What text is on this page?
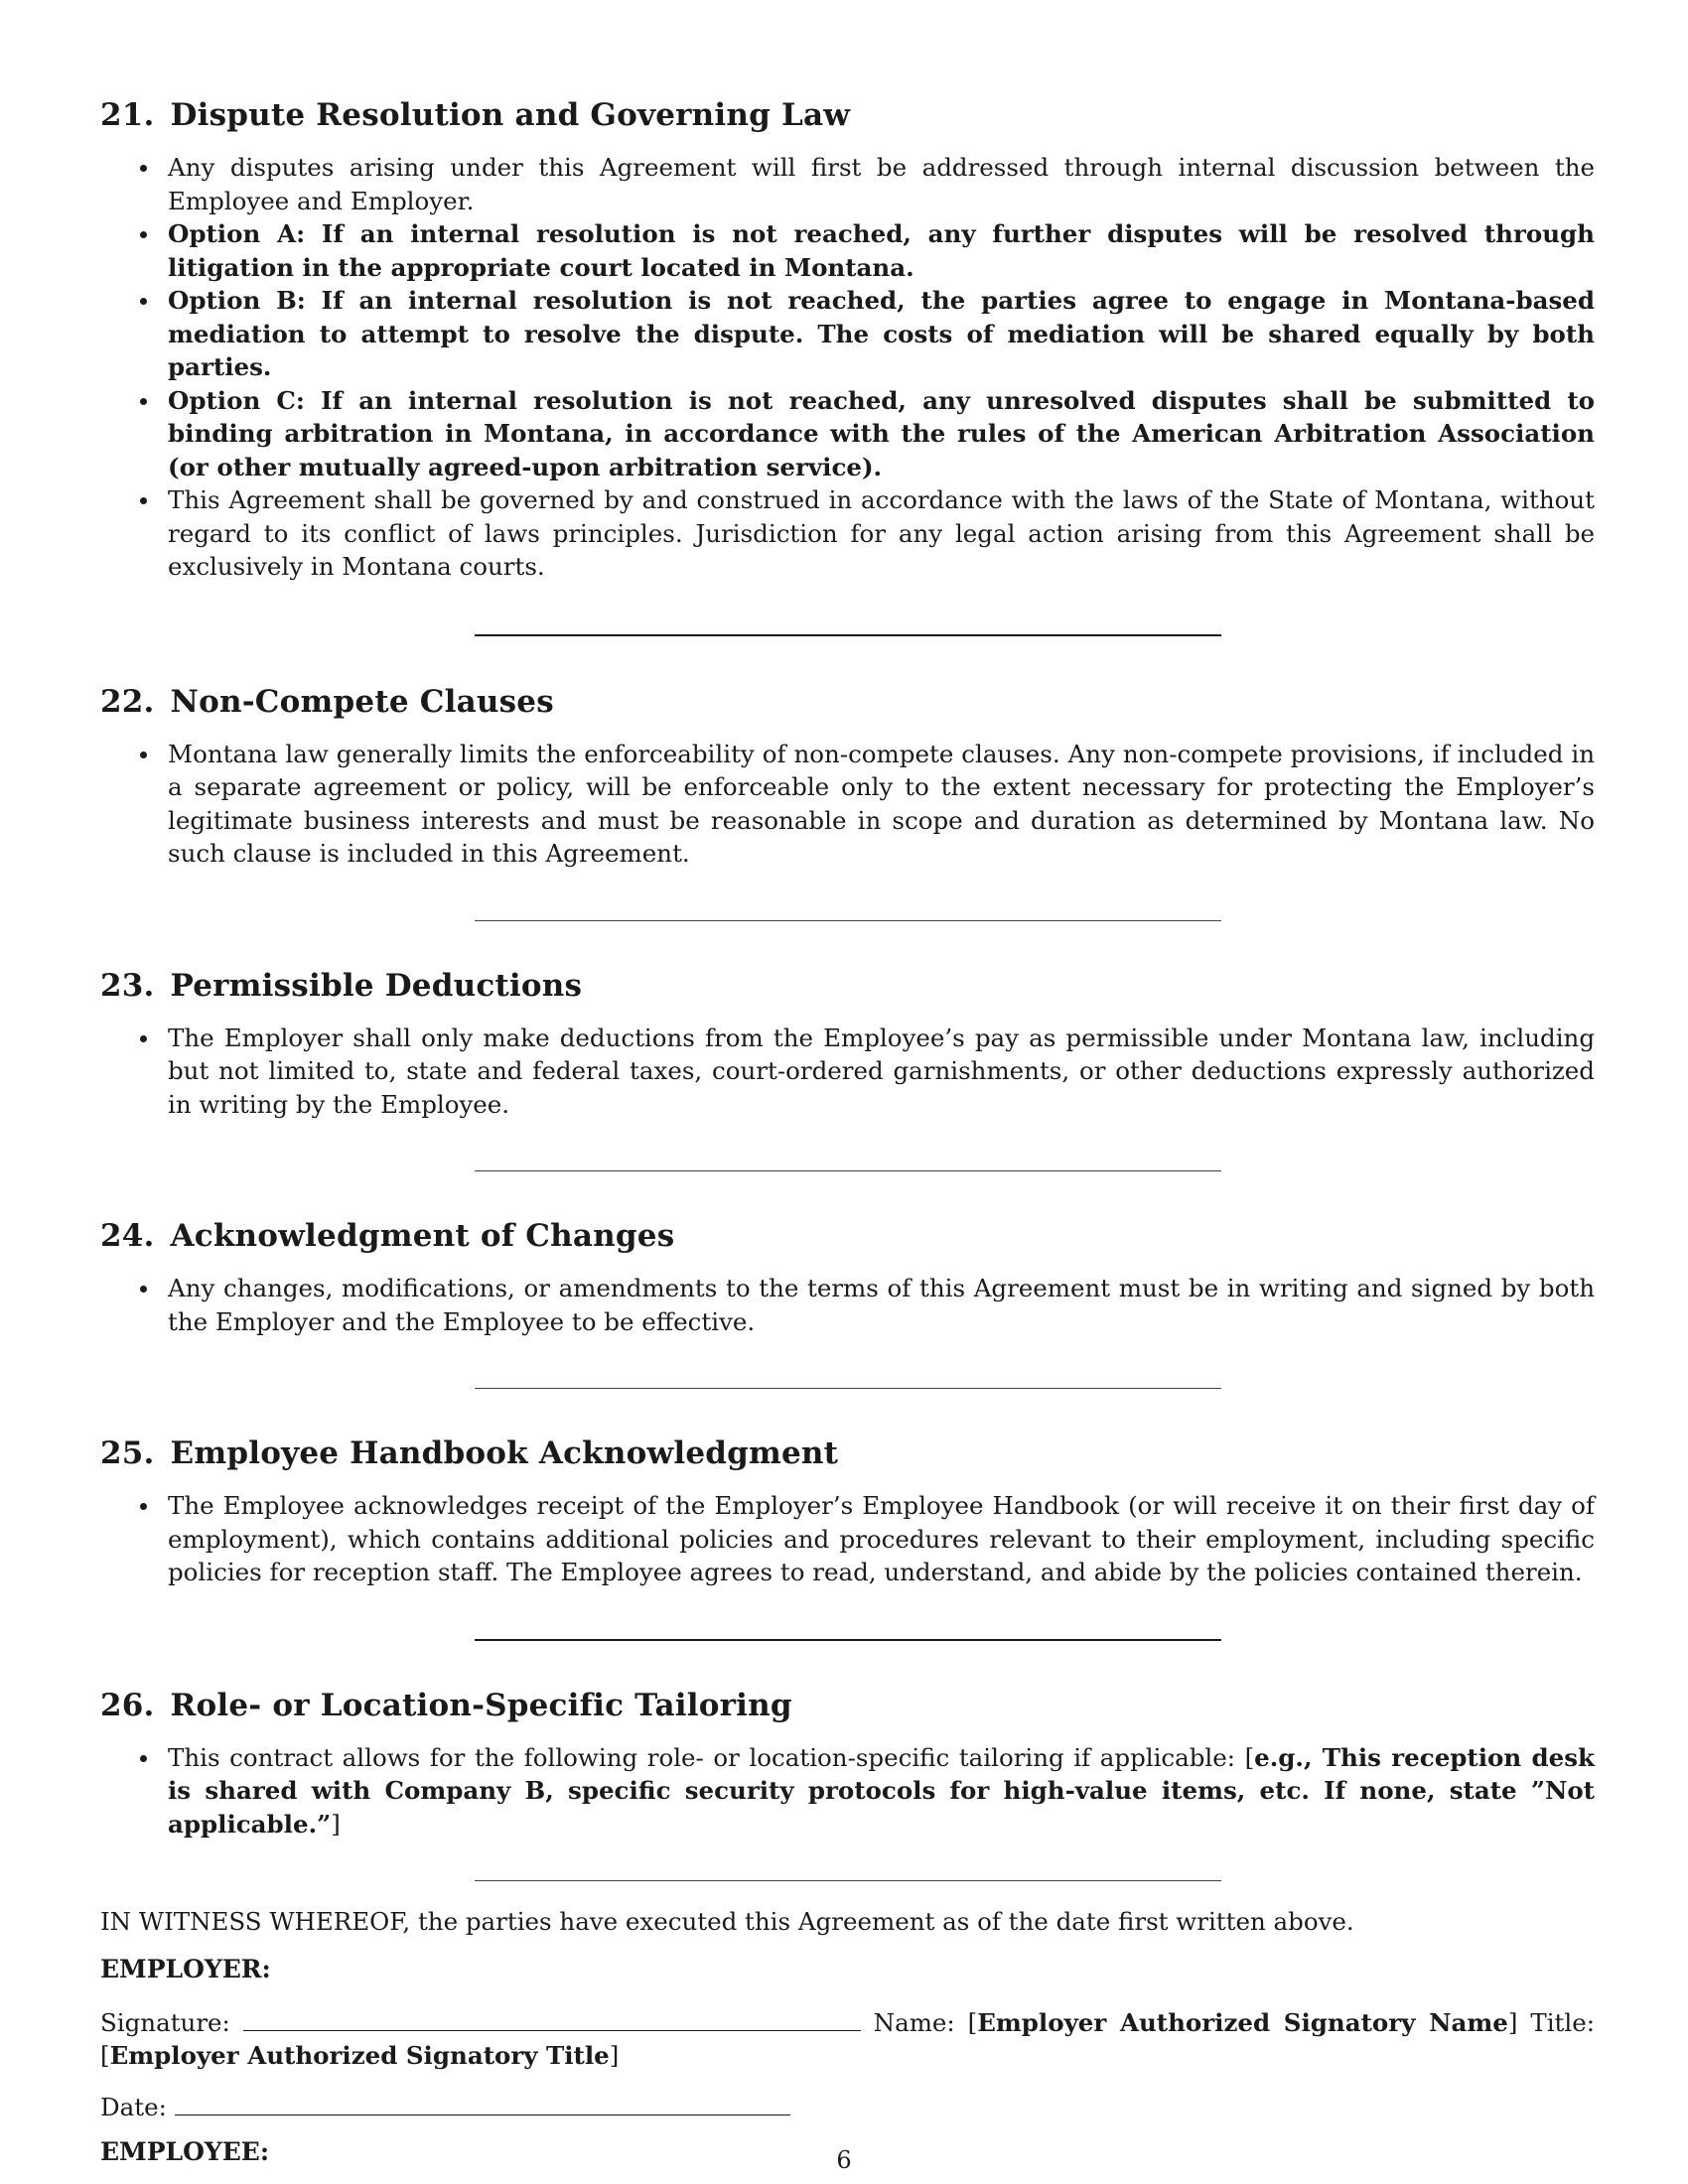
21. Dispute Resolution and Governing Law
Any disputes arising under this Agreement will first be addressed through internal discussion between the Employee and Employer.
Option A: If an internal resolution is not reached, any further disputes will be resolved through litigation in the appropriate court located in Montana.
Option B: If an internal resolution is not reached, the parties agree to engage in Montana-based mediation to attempt to resolve the dispute. The costs of mediation will be shared equally by both parties.
Option C: If an internal resolution is not reached, any unresolved disputes shall be submitted to binding arbitration in Montana, in accordance with the rules of the American Arbitration Association (or other mutually agreed-upon arbitration service).
This Agreement shall be governed by and construed in accordance with the laws of the State of Montana, without regard to its conflict of laws principles. Jurisdiction for any legal action arising from this Agreement shall be exclusively in Montana courts.
22. Non-Compete Clauses
Montana law generally limits the enforceability of non-compete clauses. Any non-compete provisions, if included in a separate agreement or policy, will be enforceable only to the extent necessary for protecting the Employer’s legitimate business interests and must be reasonable in scope and duration as determined by Montana law. No such clause is included in this Agreement.
23. Permissible Deductions
The Employer shall only make deductions from the Employee’s pay as permissible under Montana law, including but not limited to, state and federal taxes, court-ordered garnishments, or other deductions expressly authorized in writing by the Employee.
24. Acknowledgment of Changes
Any changes, modifications, or amendments to the terms of this Agreement must be in writing and signed by both the Employer and the Employee to be effective.
25. Employee Handbook Acknowledgment
The Employee acknowledges receipt of the Employer’s Employee Handbook (or will receive it on their first day of employment), which contains additional policies and procedures relevant to their employment, including specific policies for reception staff. The Employee agrees to read, understand, and abide by the policies contained therein.
26. Role- or Location-Specific Tailoring
This contract allows for the following role- or location-specific tailoring if applicable: [e.g., This reception desk is shared with Company B, specific security protocols for high-value items, etc. If none, state ”Not applicable.”]

IN WITNESS WHEREOF, the parties have executed this Agreement as of the date first written above.

EMPLOYER:
Signature:	Name: [Employer Authorized Signatory Name] Title: [Employer Authorized Signatory Title]
Date:
EMPLOYEE:	6
